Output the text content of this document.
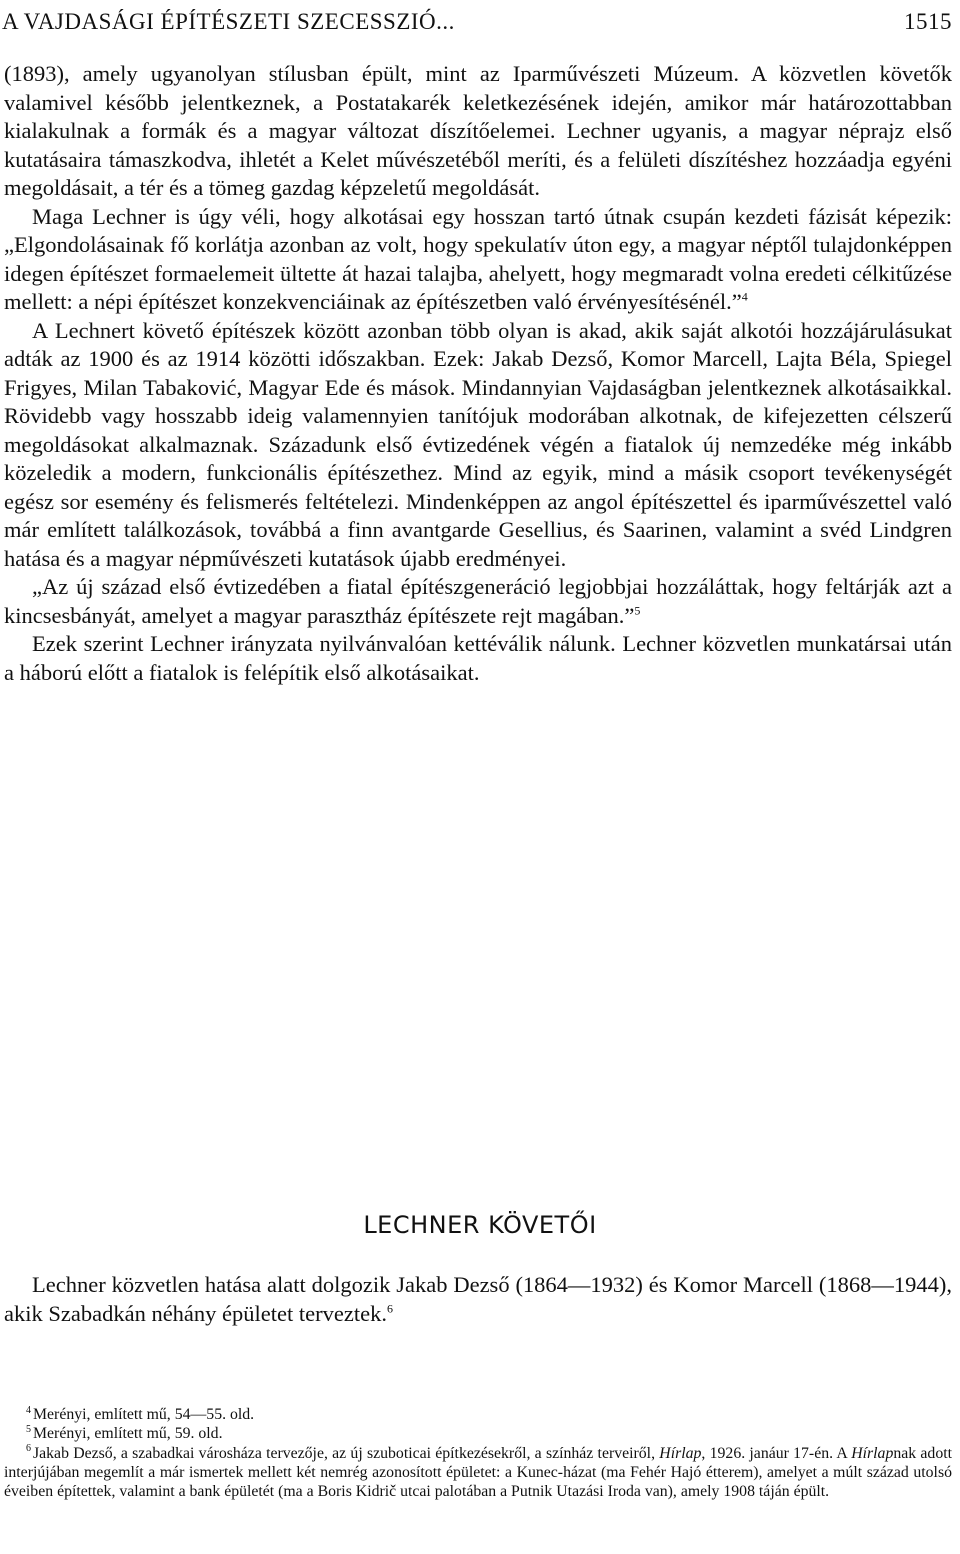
A VAJDASÁGI ÉPÍTÉSZETI SZECESSZIÓ...	1515

(1893), amely ugyanolyan stílusban épült, mint az Iparművészeti Múzeum. A közvetlen követők valamivel később jelentkeznek, a Postatakarék keletkezésének idején, amikor már határozottabban kialakulnak a formák és a magyar változat díszítőelemei. Lechner ugyanis, a magyar néprajz első kutatásaira támaszkodva, ihletét a Kelet művészetéből meríti, és a felületi díszítéshez hozzáadja egyéni megoldásait, a tér és a tömeg gazdag képzeletű megoldását.

Maga Lechner is úgy véli, hogy alkotásai egy hosszan tartó útnak csupán kezdeti fázisát képezik: „Elgondolásainak fő korlátja azonban az volt, hogy spekulatív úton egy, a magyar néptől tulajdonképpen idegen építészet formaelemeit ültette át hazai talajba, ahelyett, hogy megmaradt volna eredeti célkitűzése mellett: a népi építészet konzekvenciáinak az építészetben való érvényesítésénél.”$^4$

A Lechnert követő építészek között azonban több olyan is akad, akik saját alkotói hozzájárulásukat adták az 1900 és az 1914 közötti időszakban. Ezek: Jakab Dezső, Komor Marcell, Lajta Béla, Spiegel Frigyes, Milan Tabaković, Magyar Ede és mások. Mindannyian Vajdaságban jelentkeznek alkotásaikkal. Rövidebb vagy hosszabb ideig valamennyien tanítójuk modorában alkotnak, de kifejezetten célszerű megoldásokat alkalmaznak. Századunk első évtizedének végén a fiatalok új nemzedéke még inkább közeledik a modern, funkcionális építészethez. Mind az egyik, mind a másik csoport tevékenységét egész sor esemény és felismerés feltételezi. Mindenképpen az angol építészettel és iparművészettel való már említett találkozások, továbbá a finn avantgarde Gesellius, és Saarinen, valamint a svéd Lindgren hatása és a magyar népművészeti kutatások újabb eredményei.

„Az új század első évtizedében a fiatal építészgeneráció legjobbjai hozzáláttak, hogy feltárják azt a kincsesbányát, amelyet a magyar parasztház építészete rejt magában.”$^5$

Ezek szerint Lechner irányzata nyilvánvalóan kettéválik nálunk. Lechner közvetlen munkatársai után a háború előtt a fiatalok is felépítik első alkotásaikat.

LECHNER KÖVETŐI

Lechner közvetlen hatása alatt dolgozik Jakab Dezső (1864—1932) és Komor Marcell (1868—1944), akik Szabadkán néhány épületet terveztek.$^6$

$^4$ Merényi, említett mű, 54—55. old.

$^5$ Merényi, említett mű, 59. old.

$^6$ Jakab Dezső, a szabadkai városháza tervezője, az új szuboticai építkezésekről, a színház terveiről, Hírlap, 1926. janáur 17-én. A Hírlapnak adott interjújában megemlít a már ismertek mellett két nemrég azonosított épületet: a Kunec-házat (ma Fehér Hajó étterem), amelyet a múlt század utolsó éveiben építettek, valamint a bank épületét (ma a Boris Kidrič utcai palotában a Putnik Utazási Iroda van), amely 1908 táján épült.
